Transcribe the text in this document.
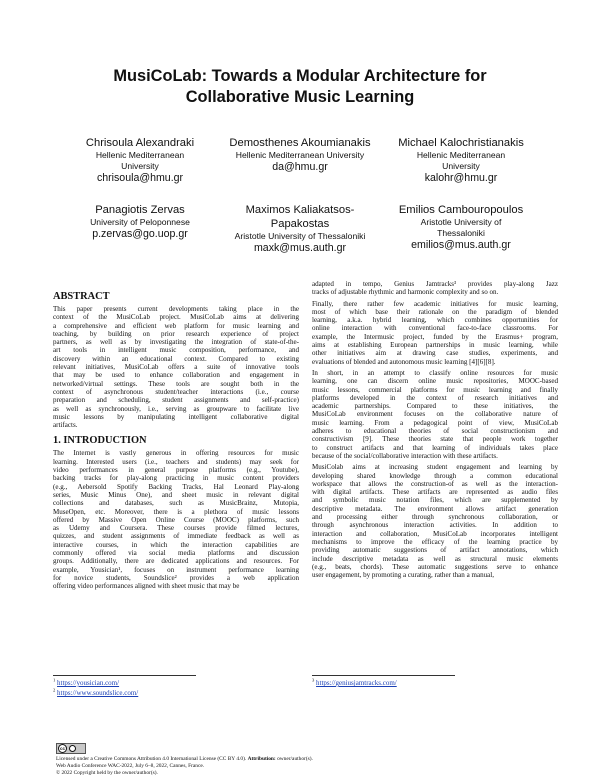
MusiCoLab: Towards a Modular Architecture for
Collaborative Music Learning
Chrisoula Alexandraki
Hellenic Mediterranean
University
chrisoula@hmu.gr
Demosthenes Akoumianakis
Hellenic Mediterranean University
da@hmu.gr
Michael Kalochristianakis
Hellenic Mediterranean
University
kalohr@hmu.gr
Panagiotis Zervas
University of Peloponnese
p.zervas@go.uop.gr
Maximos Kaliakatsos-
Papakostas
Aristotle University of Thessaloniki
maxk@mus.auth.gr
Emilios Cambouropoulos
Aristotle University of
Thessaloniki
emilios@mus.auth.gr
ABSTRACT

This paper presents current developments taking place in the
context of the MusiCoLab project. MusiCoLab aims at delivering
a comprehensive and efficient web platform for music learning and
teaching, by building on prior research experience of project
partners, as well as by investigating the integration of state-of-the-
art tools in intelligent music composition, performance, and
discovery within an educational context. Compared to existing
relevant initiatives, MusiCoLab offers a suite of innovative tools
that may be used to enhance collaboration and engagement in
networked/virtual settings. These tools are sought both in the
context of asynchronous student/teacher interactions (i.e., course
preparation and scheduling, student assignments and self-practice)
as well as synchronously, i.e., serving as groupware to facilitate live
music lessons by manipulating intelligent collaborative digital
artifacts.

1. INTRODUCTION

The Internet is vastly generous in offering resources for music
learning. Interested users (i.e., teachers and students) may seek for
video performances in general purpose platforms (e.g., Youtube),
backing tracks for play-along practicing in music content providers
(e.g., Aebersold Spotify Backing Tracks, Hal Leonard Play-along
series, Music Minus One), and sheet music in relevant digital
collections and databases, such as MusicBrainz, Mutopia,
MuseOpen, etc. Moreover, there is a plethora of music lessons
offered by Massive Open Online Course (MOOC) platforms, such
as Udemy and Coursera. These courses provide filmed lectures,
quizzes, and student assignments of immediate feedback as well as
interactive courses, in which the interaction capabilities are
commonly offered via social media platforms and discussion
groups. Additionally, there are dedicated applications and resources. For
example, Yousician¹, focuses on instrument performance learning
for novice students, Soundslice² provides a web application
offering video performances aligned with sheet music that may be

adapted in tempo, Genius Jamtracks³ provides play-along Jazz
tracks of adjustable rhythmic and harmonic complexity and so on.

Finally, there rather few academic initiatives for music learning,
most of which base their rationale on the paradigm of blended
learning, a.k.a. hybrid learning, which combines opportunities for
online interaction with conventional face-to-face classrooms. For
example, the Intermusic project, funded by the Erasmus+ program,
aims at establishing European partnerships in music learning, while
other initiatives aim at drawing case studies, experiments, and
evaluations of blended and autonomous music learning [4][6][8].

In short, in an attempt to classify online resources for music
learning, one can discern online music repositories, MOOC-based
music lessons, commercial platforms for music learning and finally
platforms developed in the context of research initiatives and
academic partnerships. Compared to these initiatives, the
MusiCoLab environment focuses on the collaborative nature of
music learning. From a pedagogical point of view, MusiCoLab
adheres to educational theories of social constructionism and
constructivism [9]. These theories state that people work together
to construct artifacts and that learning of individuals takes place
because of the social/collaborative interaction with these artifacts.

MusiColab aims at increasing student engagement and learning by
developing shared knowledge through a common educational
workspace that allows the construction-of as well as the interaction-
with digital artifacts. These artifacts are represented as audio files
and symbolic music notation files, which are supplemented by
descriptive metadata. The environment allows artifact generation
and processing either through synchronous collaboration, or
through asynchronous interaction activities. In addition to
interaction and collaboration, MusiCoLab incorporates intelligent
mechanisms to improve the efficacy of the learning practice by
providing automatic suggestions of artifact annotations, which
include descriptive metadata as well as structural music elements
(e.g., beats, chords). These automatic suggestions serve to enhance
user engagement, by promoting a curating, rather than a manual,

$^1$ https://yousician.com/
$^2$ https://www.soundslice.com/
$^3$ https://geniusjamtracks.com/
cc
Licensed under a Creative Commons Attribution 4.0 International License (CC BY 4.0). Attribution: owner/author(s).
Web Audio Conference WAC-2022, July 6–8, 2022, Cannes, France.
© 2022 Copyright held by the owner/author(s).
